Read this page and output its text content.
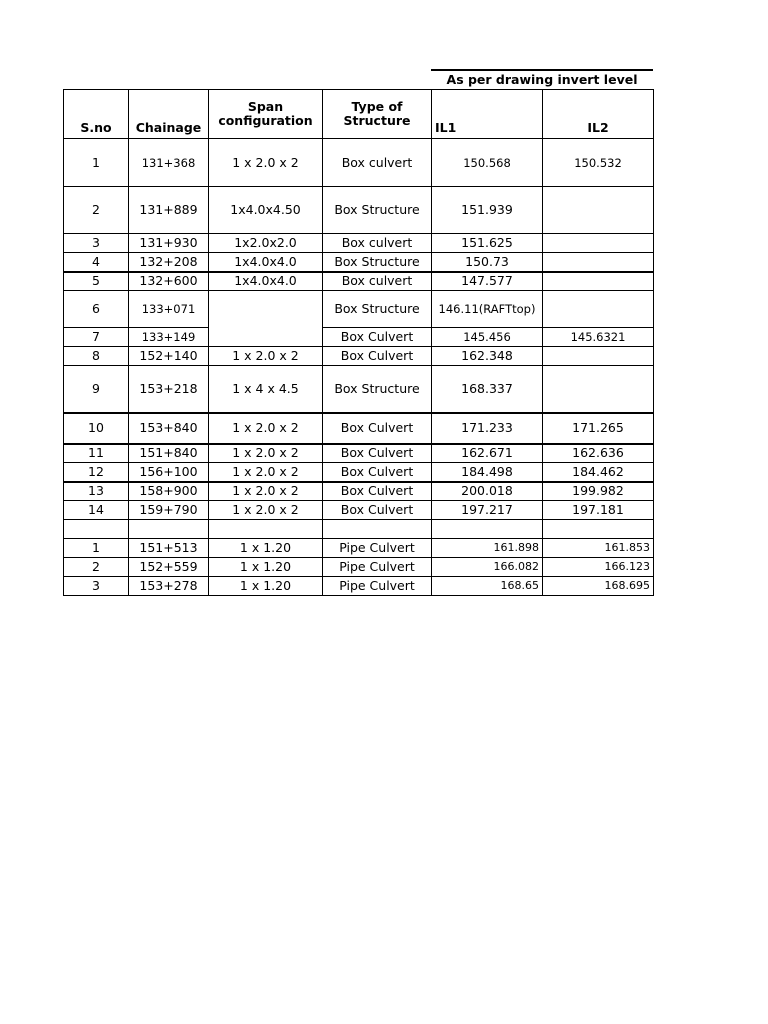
As per drawing invert level
S.no	Chainage	Span configuration	Type of Structure	IL1	IL2
1	131+368	1 x 2.0 x 2	Box culvert	150.568	150.532
2	131+889	1x4.0x4.50	Box Structure	151.939	
3	131+930	1x2.0x2.0	Box culvert	151.625	
4	132+208	1x4.0x4.0	Box Structure	150.73	
5	132+600	1x4.0x4.0	Box culvert	147.577	
6	133+071		Box Structure	146.11(RAFTtop)	
7	133+149		Box Culvert	145.456	145.6321
8	152+140	1 x 2.0 x 2	Box Culvert	162.348	
9	153+218	1 x 4 x 4.5	Box Structure	168.337	
10	153+840	1 x 2.0 x 2	Box Culvert	171.233	171.265
11	151+840	1 x 2.0 x 2	Box Culvert	162.671	162.636
12	156+100	1 x 2.0 x 2	Box Culvert	184.498	184.462
13	158+900	1 x 2.0 x 2	Box Culvert	200.018	199.982
14	159+790	1 x 2.0 x 2	Box Culvert	197.217	197.181

1	151+513	1 x 1.20	Pipe Culvert	161.898	161.853
2	152+559	1 x 1.20	Pipe Culvert	166.082	166.123
3	153+278	1 x 1.20	Pipe Culvert	168.65	168.695
